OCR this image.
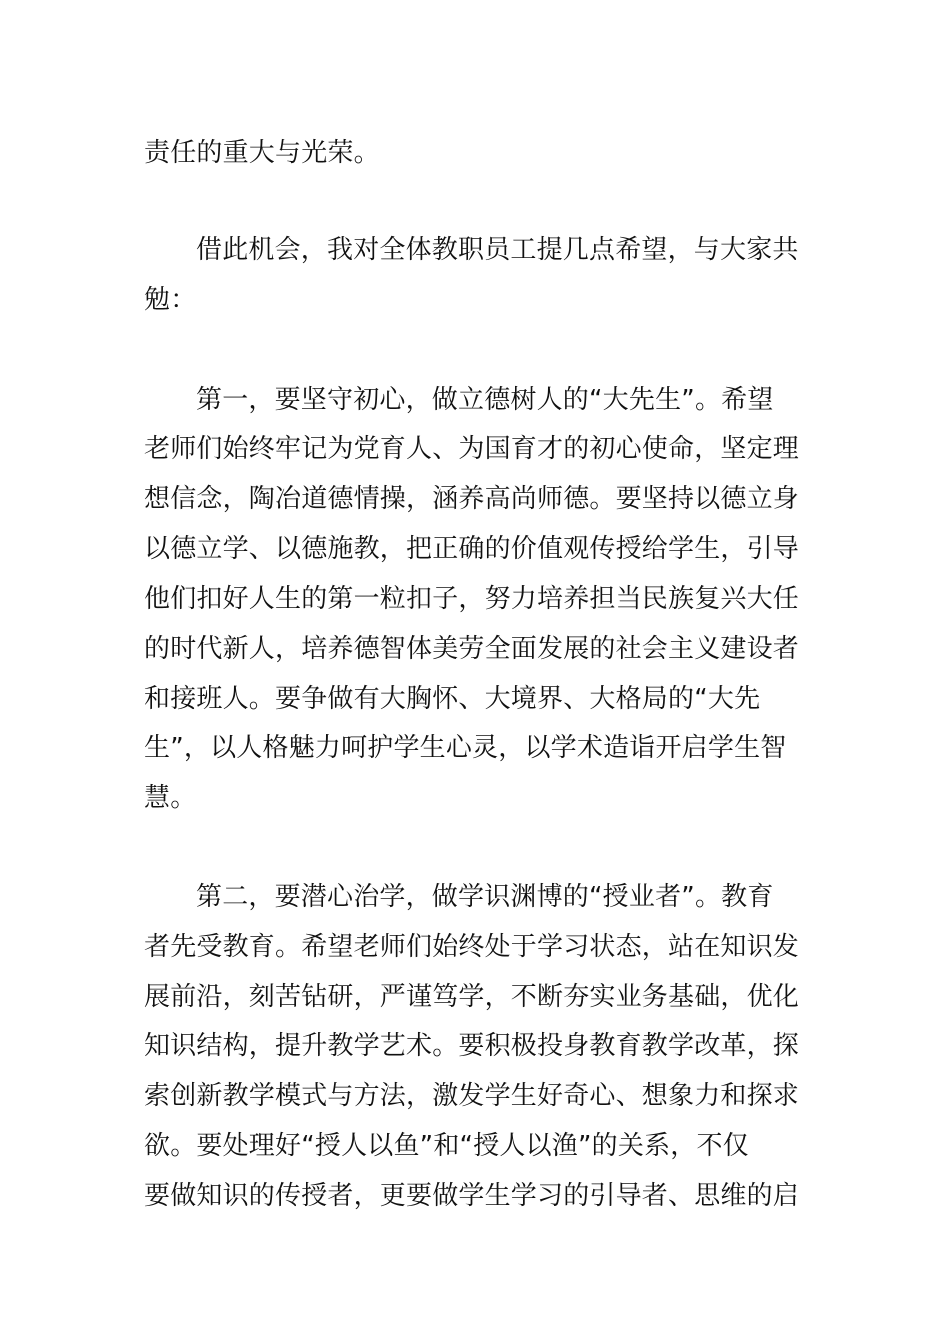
责任的重大与光荣。
借此机会，我对全体教职员工提几点希望，与大家共
勉：
第一，要坚守初心，做立德树人的“大先生”。希望
老师们始终牢记为党育人、为国育才的初心使命，坚定理
想信念，陶冶道德情操，涵养高尚师德。要坚持以德立身
以德立学、以德施教，把正确的价值观传授给学生，引导
他们扣好人生的第一粒扣子，努力培养担当民族复兴大任
的时代新人，培养德智体美劳全面发展的社会主义建设者
和接班人。要争做有大胸怀、大境界、大格局的“大先
生”，以人格魅力呵护学生心灵，以学术造诣开启学生智
慧。
第二，要潜心治学，做学识渊博的“授业者”。教育
者先受教育。希望老师们始终处于学习状态，站在知识发
展前沿，刻苦钻研，严谨笃学，不断夯实业务基础，优化
知识结构，提升教学艺术。要积极投身教育教学改革，探
索创新教学模式与方法，激发学生好奇心、想象力和探求
欲。要处理好“授人以鱼”和“授人以渔”的关系，不仅
要做知识的传授者，更要做学生学习的引导者、思维的启
